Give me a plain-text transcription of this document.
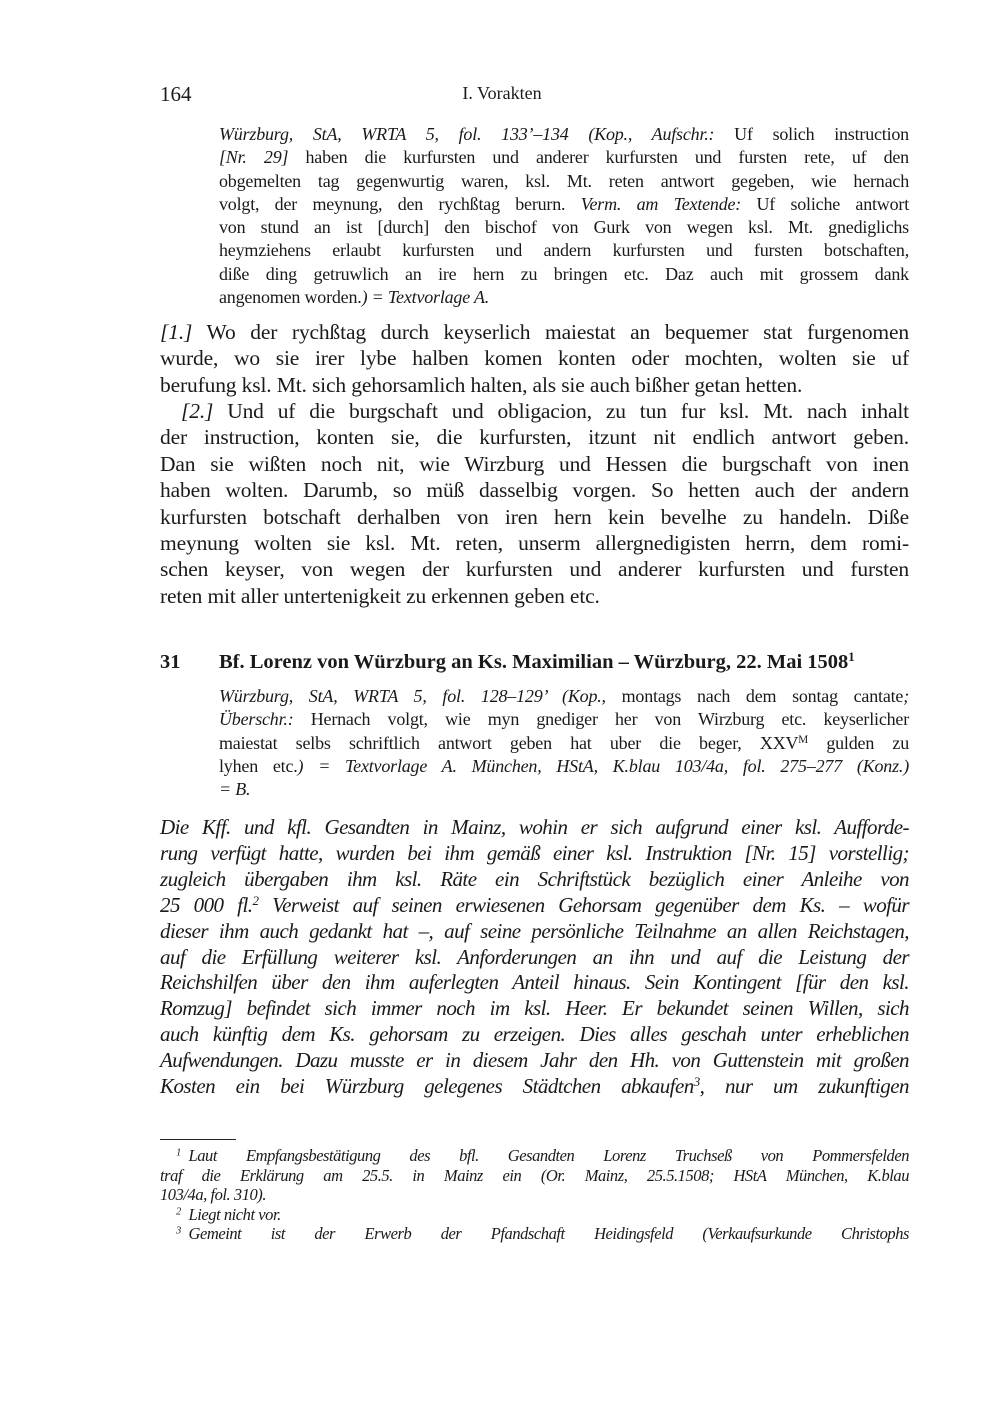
164	I. Vorakten
Würzburg, StA, WRTA 5, fol. 133’–134 (Kop., Aufschr.: Uf solich instruction
[Nr. 29] haben die kurfursten und anderer kurfursten und fursten rete, uf den
obgemelten tag gegenwurtig waren, ksl. Mt. reten antwort gegeben, wie hernach
volgt, der meynung, den rychßtag berurn. Verm. am Textende: Uf soliche antwort
von stund an ist [durch] den bischof von Gurk von wegen ksl. Mt. gnediglichs
heymziehens erlaubt kurfursten und andern kurfursten und fursten botschaften,
diße ding getruwlich an ire hern zu bringen etc. Daz auch mit grossem dank
angenomen worden.) = Textvorlage A.
[1.] Wo der rychßtag durch keyserlich maiestat an bequemer stat furgenomen
wurde, wo sie irer lybe halben komen konten oder mochten, wolten sie uf
berufung ksl. Mt. sich gehorsamlich halten, als sie auch bißher getan hetten.
[2.] Und uf die burgschaft und obligacion, zu tun fur ksl. Mt. nach inhalt
der instruction, konten sie, die kurfursten, itzunt nit endlich antwort geben.
Dan sie wißten noch nit, wie Wirzburg und Hessen die burgschaft von inen
haben wolten. Darumb, so müß dasselbig vorgen. So hetten auch der andern
kurfursten botschaft derhalben von iren hern kein bevelhe zu handeln. Diße
meynung wolten sie ksl. Mt. reten, unserm allergnedigisten herrn, dem romi-
schen keyser, von wegen der kurfursten und anderer kurfursten und fursten
reten mit aller untertenigkeit zu erkennen geben etc.
31 Bf. Lorenz von Würzburg an Ks. Maximilian – Würzburg, 22. Mai 1508$^1$
Würzburg, StA, WRTA 5, fol. 128–129’ (Kop., montags nach dem sontag cantate;
Überschr.: Hernach volgt, wie myn gnediger her von Wirzburg etc. keyserlicher
maiestat selbs schriftlich antwort geben hat uber die beger, $XXV^M$ gulden zu
lyhen etc.) = Textvorlage A. München, HStA, K.blau 103/4a, fol. 275–277 (Konz.)
= B.
Die Kff. und kfl. Gesandten in Mainz, wohin er sich aufgrund einer ksl. Aufforde-
rung verfügt hatte, wurden bei ihm gemäß einer ksl. Instruktion [Nr. 15] vorstellig;
zugleich übergaben ihm ksl. Räte ein Schriftstück bezüglich einer Anleihe von
25 000 fl.$^2$ Verweist auf seinen erwiesenen Gehorsam gegenüber dem Ks. – wofür
dieser ihm auch gedankt hat –, auf seine persönliche Teilnahme an allen Reichstagen,
auf die Erfüllung weiterer ksl. Anforderungen an ihn und auf die Leistung der
Reichshilfen über den ihm auferlegten Anteil hinaus. Sein Kontingent [für den ksl.
Romzug] befindet sich immer noch im ksl. Heer. Er bekundet seinen Willen, sich
auch künftig dem Ks. gehorsam zu erzeigen. Dies alles geschah unter erheblichen
Aufwendungen. Dazu musste er in diesem Jahr den Hh. von Guttenstein mit großen
Kosten ein bei Würzburg gelegenes Städtchen abkaufen$^3$, nur um zukunftigen
 $^1$ Laut Empfangsbestätigung des bfl. Gesandten Lorenz Truchseß von Pommersfelden
traf die Erklärung am 25.5. in Mainz ein (Or. Mainz, 25.5.1508; HStA München, K.blau
103/4a, fol. 310).
 $^2$ Liegt nicht vor.
 $^3$ Gemeint ist der Erwerb der Pfandschaft Heidingsfeld (Verkaufsurkunde Christophs
